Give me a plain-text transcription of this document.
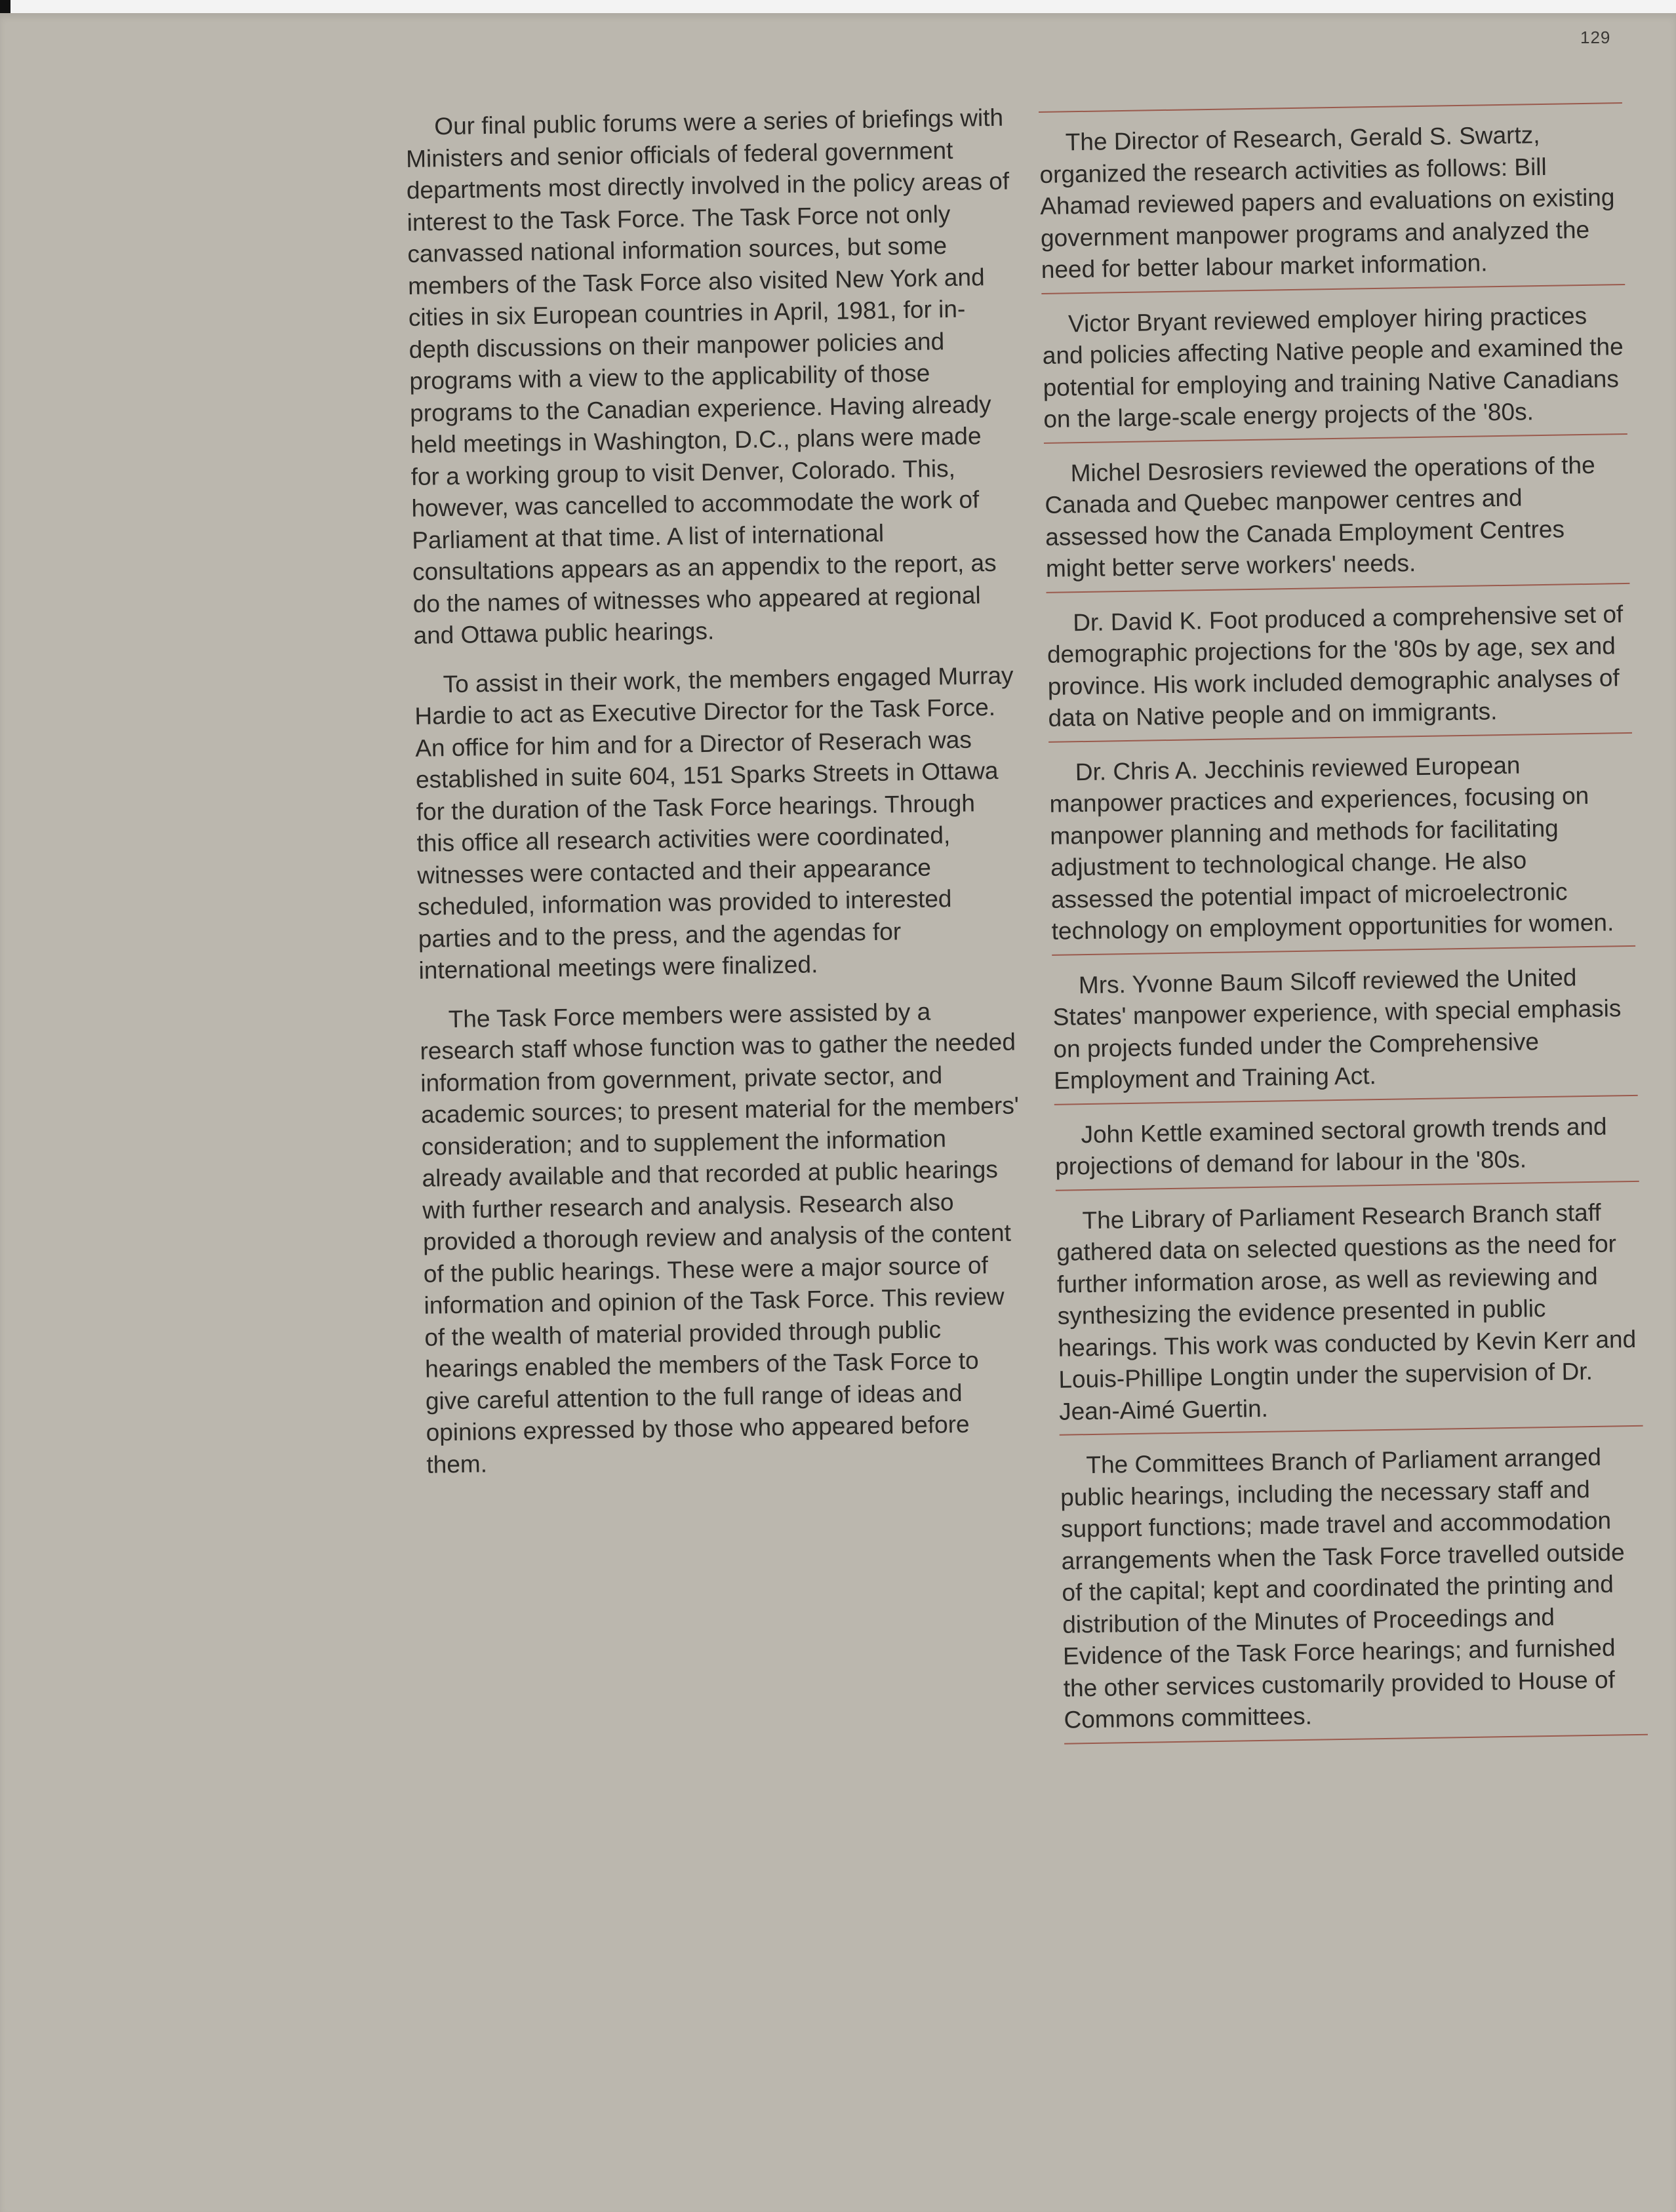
129

Our final public forums were a series of briefings with Ministers and senior officials of federal government departments most directly involved in the policy areas of interest to the Task Force. The Task Force not only canvassed national information sources, but some members of the Task Force also visited New York and cities in six European countries in April, 1981, for in-depth discussions on their manpower policies and programs with a view to the applicability of those programs to the Canadian experience. Having already held meetings in Washington, D.C., plans were made for a working group to visit Denver, Colorado. This, however, was cancelled to accommodate the work of Parliament at that time. A list of international consultations appears as an appendix to the report, as do the names of witnesses who appeared at regional and Ottawa public hearings.

To assist in their work, the members engaged Murray Hardie to act as Executive Director for the Task Force. An office for him and for a Director of Reserach was established in suite 604, 151 Sparks Streets in Ottawa for the duration of the Task Force hearings. Through this office all research activities were coordinated, witnesses were contacted and their appearance scheduled, information was provided to interested parties and to the press, and the agendas for international meetings were finalized.

The Task Force members were assisted by a research staff whose function was to gather the needed information from government, private sector, and academic sources; to present material for the members' consideration; and to supplement the information already available and that recorded at public hearings with further research and analysis. Research also provided a thorough review and analysis of the content of the public hearings. These were a major source of information and opinion of the Task Force. This review of the wealth of material provided through public hearings enabled the members of the Task Force to give careful attention to the full range of ideas and opinions expressed by those who appeared before them.

The Director of Research, Gerald S. Swartz, organized the research activities as follows: Bill Ahamad reviewed papers and evaluations on existing government manpower programs and analyzed the need for better labour market information.

Victor Bryant reviewed employer hiring practices and policies affecting Native people and examined the potential for employing and training Native Canadians on the large-scale energy projects of the '80s.

Michel Desrosiers reviewed the operations of the Canada and Quebec manpower centres and assessed how the Canada Employment Centres might better serve workers' needs.

Dr. David K. Foot produced a comprehensive set of demographic projections for the '80s by age, sex and province. His work included demographic analyses of data on Native people and on immigrants.

Dr. Chris A. Jecchinis reviewed European manpower practices and experiences, focusing on manpower planning and methods for facilitating adjustment to technological change. He also assessed the potential impact of microelectronic technology on employment opportunities for women.

Mrs. Yvonne Baum Silcoff reviewed the United States' manpower experience, with special emphasis on projects funded under the Comprehensive Employment and Training Act.

John Kettle examined sectoral growth trends and projections of demand for labour in the '80s.

The Library of Parliament Research Branch staff gathered data on selected questions as the need for further information arose, as well as reviewing and synthesizing the evidence presented in public hearings. This work was conducted by Kevin Kerr and Louis-Phillipe Longtin under the supervision of Dr. Jean-Aimé Guertin.

The Committees Branch of Parliament arranged public hearings, including the necessary staff and support functions; made travel and accommodation arrangements when the Task Force travelled outside of the capital; kept and coordinated the printing and distribution of the Minutes of Proceedings and Evidence of the Task Force hearings; and furnished the other services customarily provided to House of Commons committees.
